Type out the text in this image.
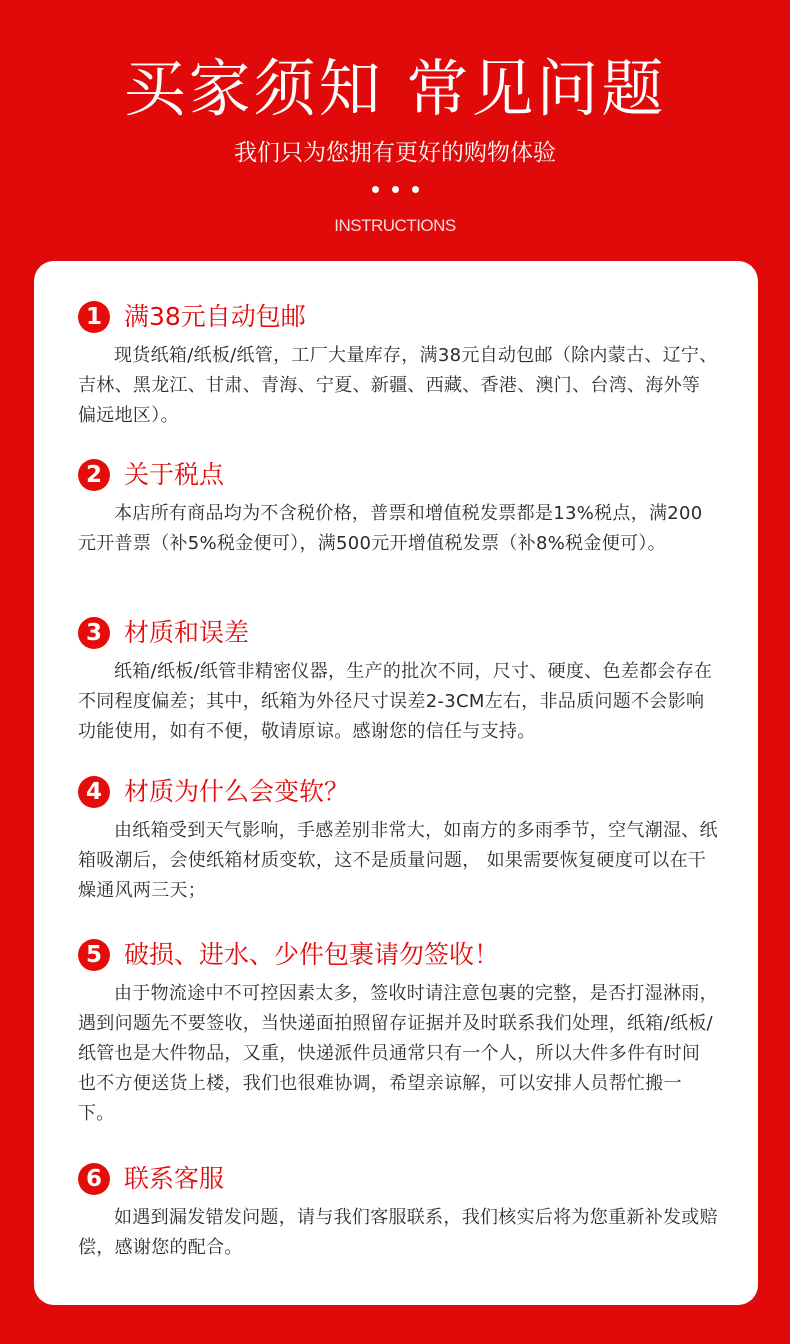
买家须知 常见问题
我们只为您拥有更好的购物体验
INSTRUCTIONS
1 满38元自动包邮
现货纸箱/纸板/纸管，工厂大量库存，满38元自动包邮（除内蒙古、辽宁、吉林、黑龙江、甘肃、青海、宁夏、新疆、西藏、香港、澳门、台湾、海外等偏远地区）。
2 关于税点
本店所有商品均为不含税价格，普票和增值税发票都是13%税点，满200元开普票（补5%税金便可），满500元开增值税发票（补8%税金便可）。
3 材质和误差
纸箱/纸板/纸管非精密仪器，生产的批次不同，尺寸、硬度、色差都会存在不同程度偏差；其中，纸箱为外径尺寸误差2-3CM左右，非品质问题不会影响功能使用，如有不便，敬请原谅。感谢您的信任与支持。
4 材质为什么会变软？
由纸箱受到天气影响，手感差别非常大，如南方的多雨季节，空气潮湿、纸箱吸潮后，会使纸箱材质变软，这不是质量问题， 如果需要恢复硬度可以在干燥通风两三天；
5 破损、进水、少件包裹请勿签收！
由于物流途中不可控因素太多，签收时请注意包裹的完整，是否打湿淋雨，遇到问题先不要签收，当快递面拍照留存证据并及时联系我们处理，纸箱/纸板/纸管也是大件物品，又重，快递派件员通常只有一个人，所以大件多件有时间也不方便送货上楼，我们也很难协调，希望亲谅解，可以安排人员帮忙搬一下。
6 联系客服
如遇到漏发错发问题，请与我们客服联系，我们核实后将为您重新补发或赔偿，感谢您的配合。
